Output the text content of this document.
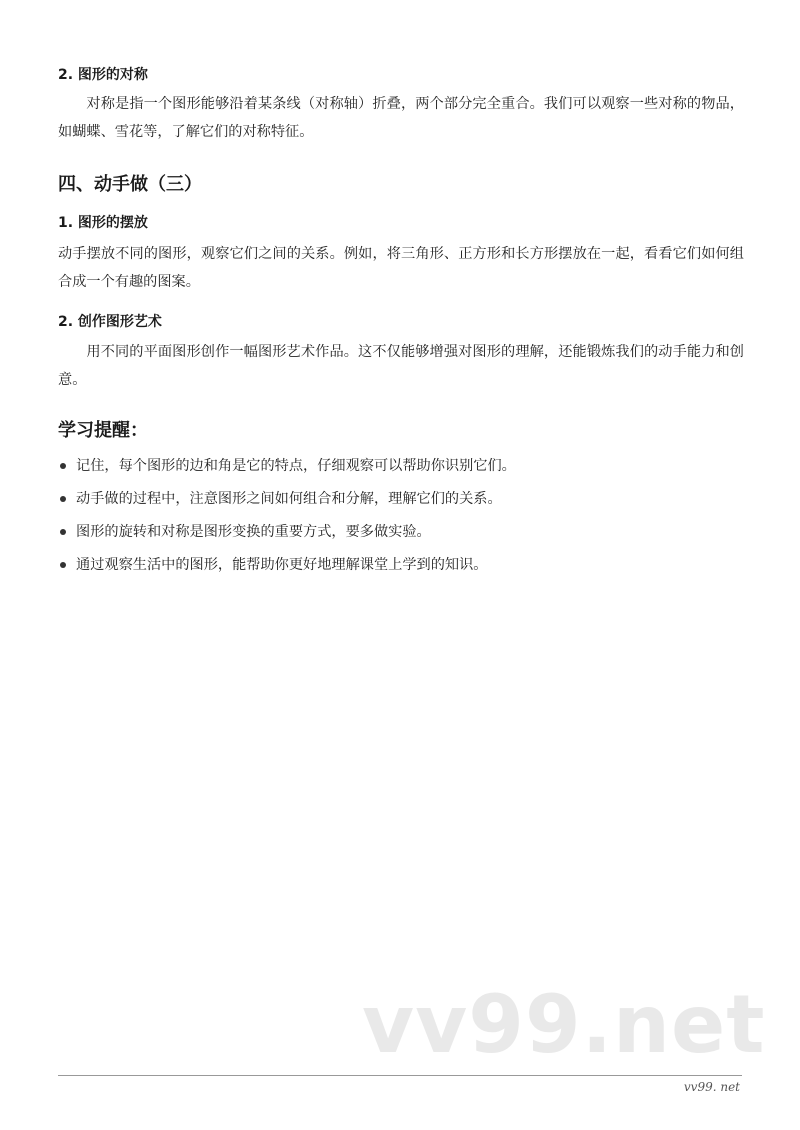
2. 图形的对称

对称是指一个图形能够沿着某条线（对称轴）折叠，两个部分完全重合。我们可以观察一些对称的物品，如蝴蝶、雪花等，了解它们的对称特征。

四、动手做（三）
1. 图形的摆放

动手摆放不同的图形，观察它们之间的关系。例如，将三角形、正方形和长方形摆放在一起，看看它们如何组合成一个有趣的图案。

2. 创作图形艺术

用不同的平面图形创作一幅图形艺术作品。这不仅能够增强对图形的理解，还能锻炼我们的动手能力和创意。

学习提醒：
记住，每个图形的边和角是它的特点，仔细观察可以帮助你识别它们。
动手做的过程中，注意图形之间如何组合和分解，理解它们的关系。
图形的旋转和对称是图形变换的重要方式，要多做实验。
通过观察生活中的图形，能帮助你更好地理解课堂上学到的知识。
vv99.net
vv99. net
